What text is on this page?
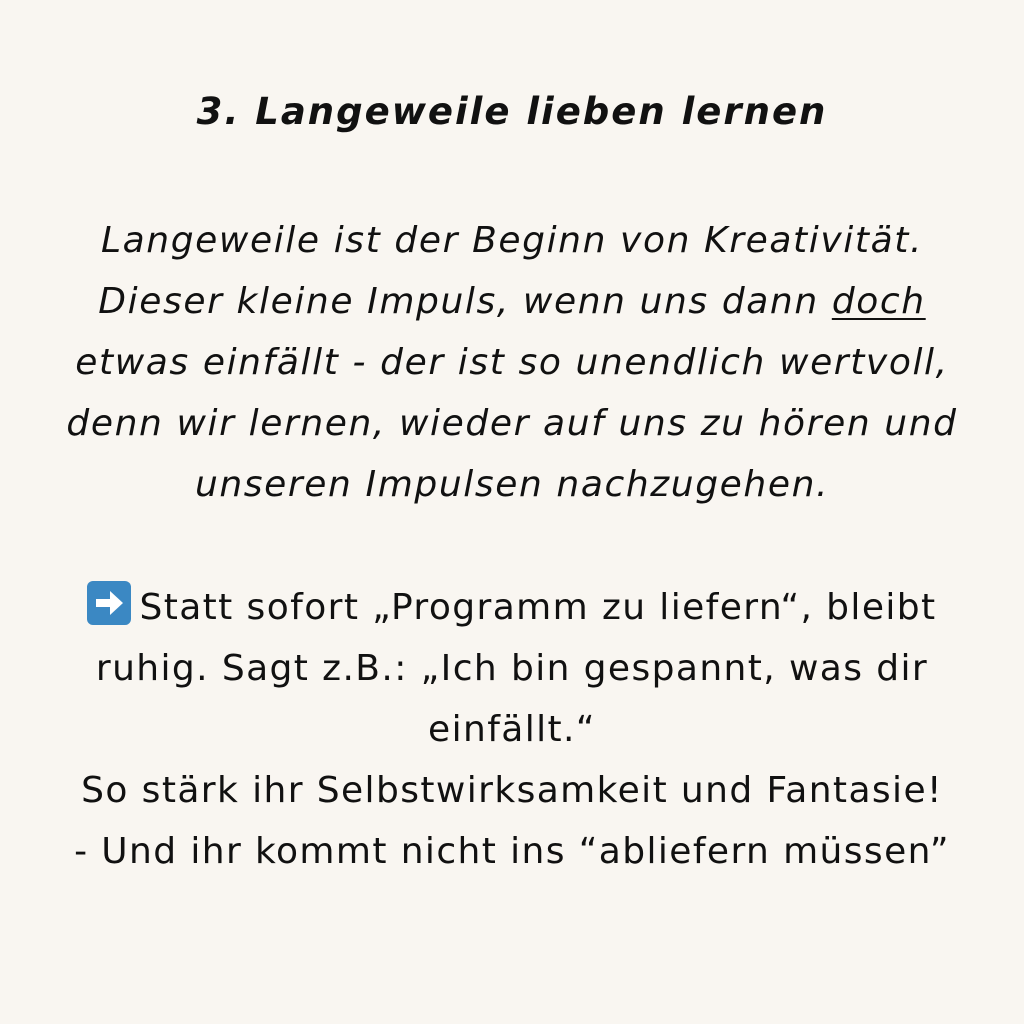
3. Langeweile lieben lernen
Langeweile ist der Beginn von Kreativität.
Dieser kleine Impuls, wenn uns dann doch
etwas einfällt - der ist so unendlich wertvoll,
denn wir lernen, wieder auf uns zu hören und
unseren Impulsen nachzugehen.
Statt sofort „Programm zu liefern“, bleibt
ruhig. Sagt z.B.: „Ich bin gespannt, was dir
einfällt.“
So stärk ihr Selbstwirksamkeit und Fantasie!
- Und ihr kommt nicht ins “abliefern müssen”
